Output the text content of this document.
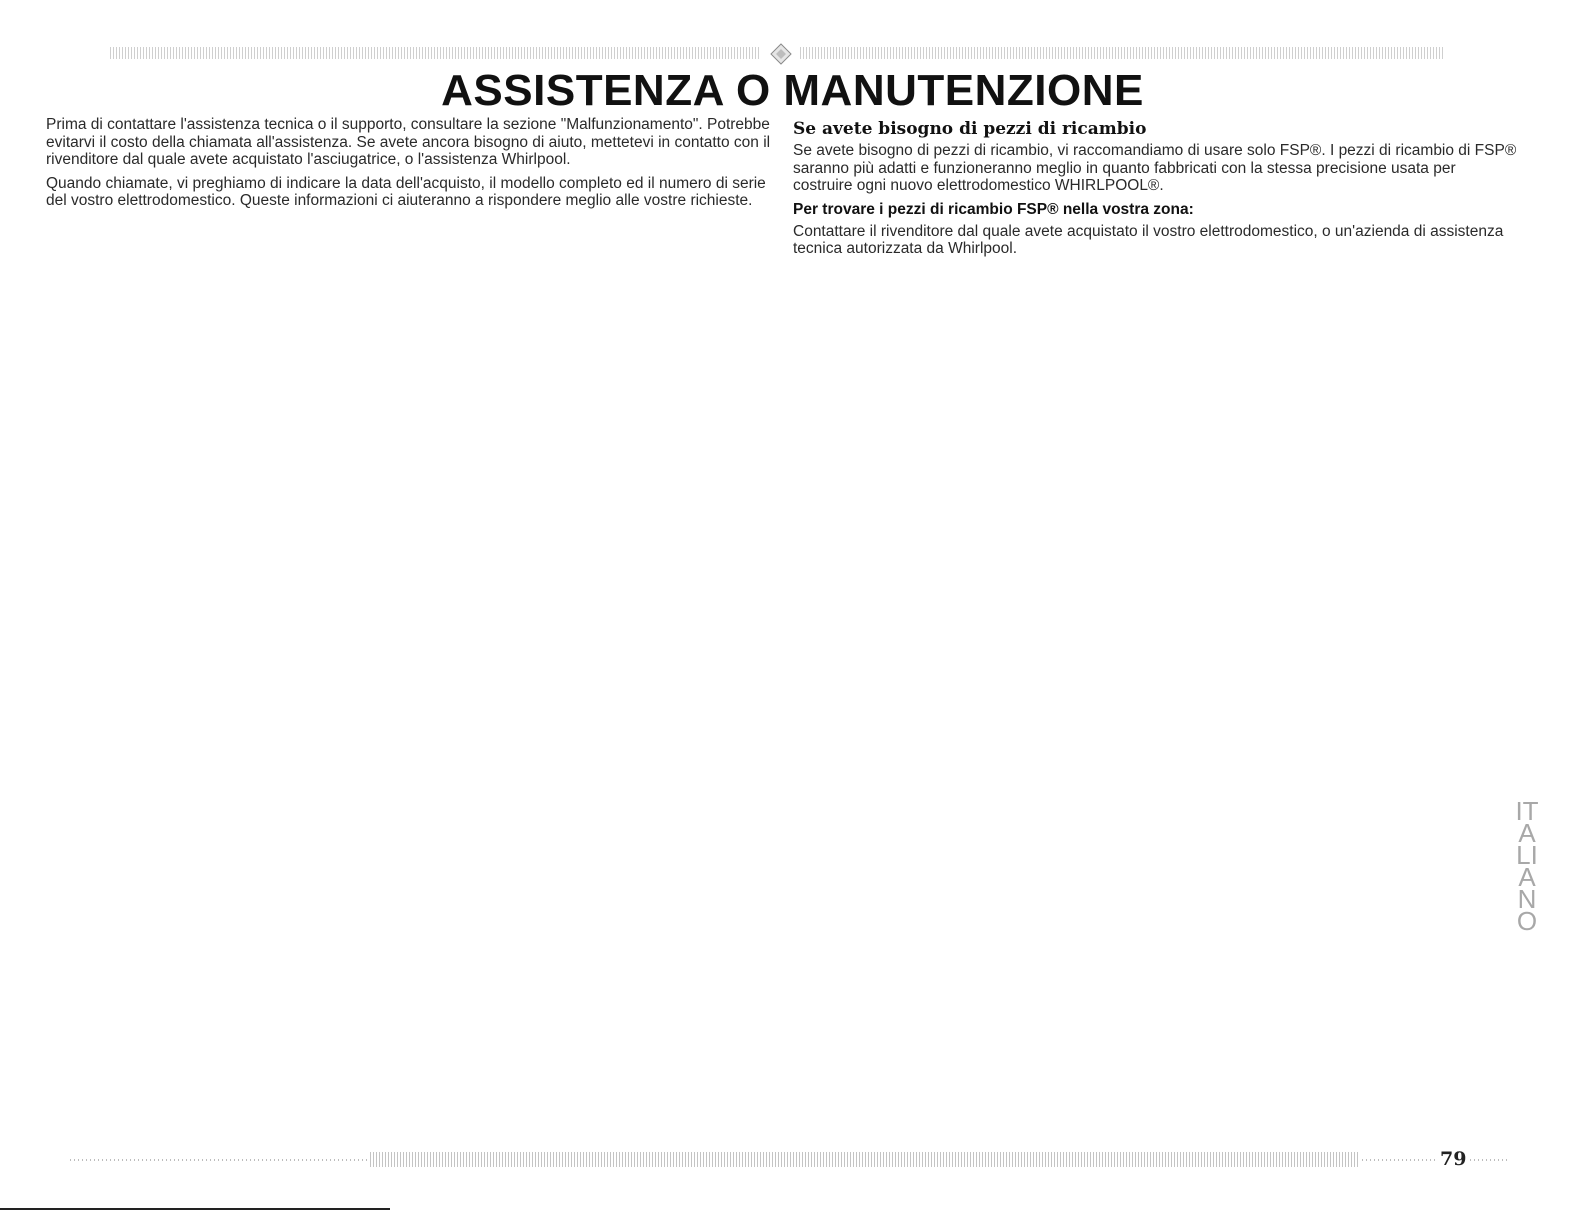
ASSISTENZA O MANUTENZIONE

Prima di contattare l'assistenza tecnica o il supporto, consultare la sezione "Malfunzionamento". Potrebbe evitarvi il costo della chiamata all'assistenza. Se avete ancora bisogno di aiuto, mettetevi in contatto con il rivenditore dal quale avete acquistato l'asciugatrice, o l'assistenza Whirlpool.

Quando chiamate, vi preghiamo di indicare la data dell'acquisto, il modello completo ed il numero di serie del vostro elettrodomestico. Queste informazioni ci aiuteranno a rispondere meglio alle vostre richieste.

Se avete bisogno di pezzi di ricambio

Se avete bisogno di pezzi di ricambio, vi raccomandiamo di usare solo FSP®. I pezzi di ricambio di FSP® saranno più adatti e funzioneranno meglio in quanto fabbricati con la stessa precisione usata per costruire ogni nuovo elettrodomestico WHIRLPOOL®.

Per trovare i pezzi di ricambio FSP® nella vostra zona:

Contattare il rivenditore dal quale avete acquistato il vostro elettrodomestico, o un'azienda di assistenza tecnica autorizzata da Whirlpool.

ITALIANO
79
